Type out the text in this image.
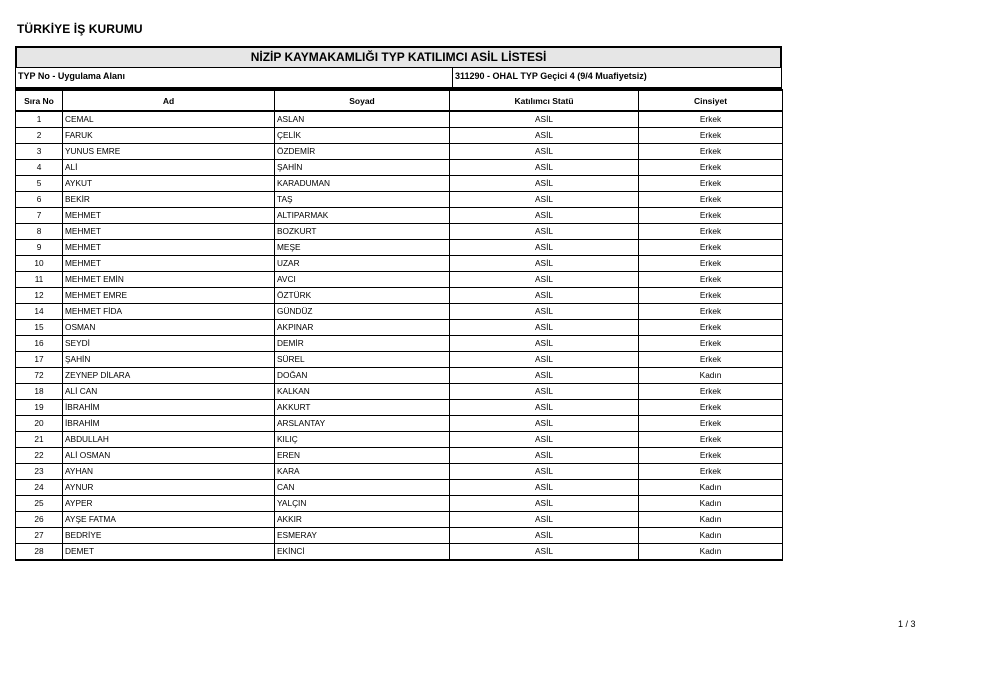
TÜRKİYE İŞ KURUMU
NİZİP KAYMAKAMLIĞI TYP KATILIMCI ASİL LİSTESİ
TYP No - Uygulama Alanı	311290 - OHAL TYP Geçici 4 (9/4 Muafiyetsiz)
Sıra No	Ad	Soyad	Katılımcı Statü	Cinsiyet
1	CEMAL	ASLAN	ASİL	Erkek
2	FARUK	ÇELİK	ASİL	Erkek
3	YUNUS EMRE	ÖZDEMİR	ASİL	Erkek
4	ALİ	ŞAHİN	ASİL	Erkek
5	AYKUT	KARADUMAN	ASİL	Erkek
6	BEKİR	TAŞ	ASİL	Erkek
7	MEHMET	ALTIPARMAK	ASİL	Erkek
8	MEHMET	BOZKURT	ASİL	Erkek
9	MEHMET	MEŞE	ASİL	Erkek
10	MEHMET	UZAR	ASİL	Erkek
11	MEHMET EMİN	AVCI	ASİL	Erkek
12	MEHMET EMRE	ÖZTÜRK	ASİL	Erkek
14	MEHMET FİDA	GÜNDÜZ	ASİL	Erkek
15	OSMAN	AKPINAR	ASİL	Erkek
16	SEYDİ	DEMİR	ASİL	Erkek
17	ŞAHİN	SÜREL	ASİL	Erkek
72	ZEYNEP DİLARA	DOĞAN	ASİL	Kadın
18	ALİ CAN	KALKAN	ASİL	Erkek
19	İBRAHİM	AKKURT	ASİL	Erkek
20	İBRAHİM	ARSLANTAY	ASİL	Erkek
21	ABDULLAH	KILIÇ	ASİL	Erkek
22	ALİ OSMAN	EREN	ASİL	Erkek
23	AYHAN	KARA	ASİL	Erkek
24	AYNUR	CAN	ASİL	Kadın
25	AYPER	YALÇIN	ASİL	Kadın
26	AYŞE FATMA	AKKIR	ASİL	Kadın
27	BEDRİYE	ESMERAY	ASİL	Kadın
28	DEMET	EKİNCİ	ASİL	Kadın
1 / 3
